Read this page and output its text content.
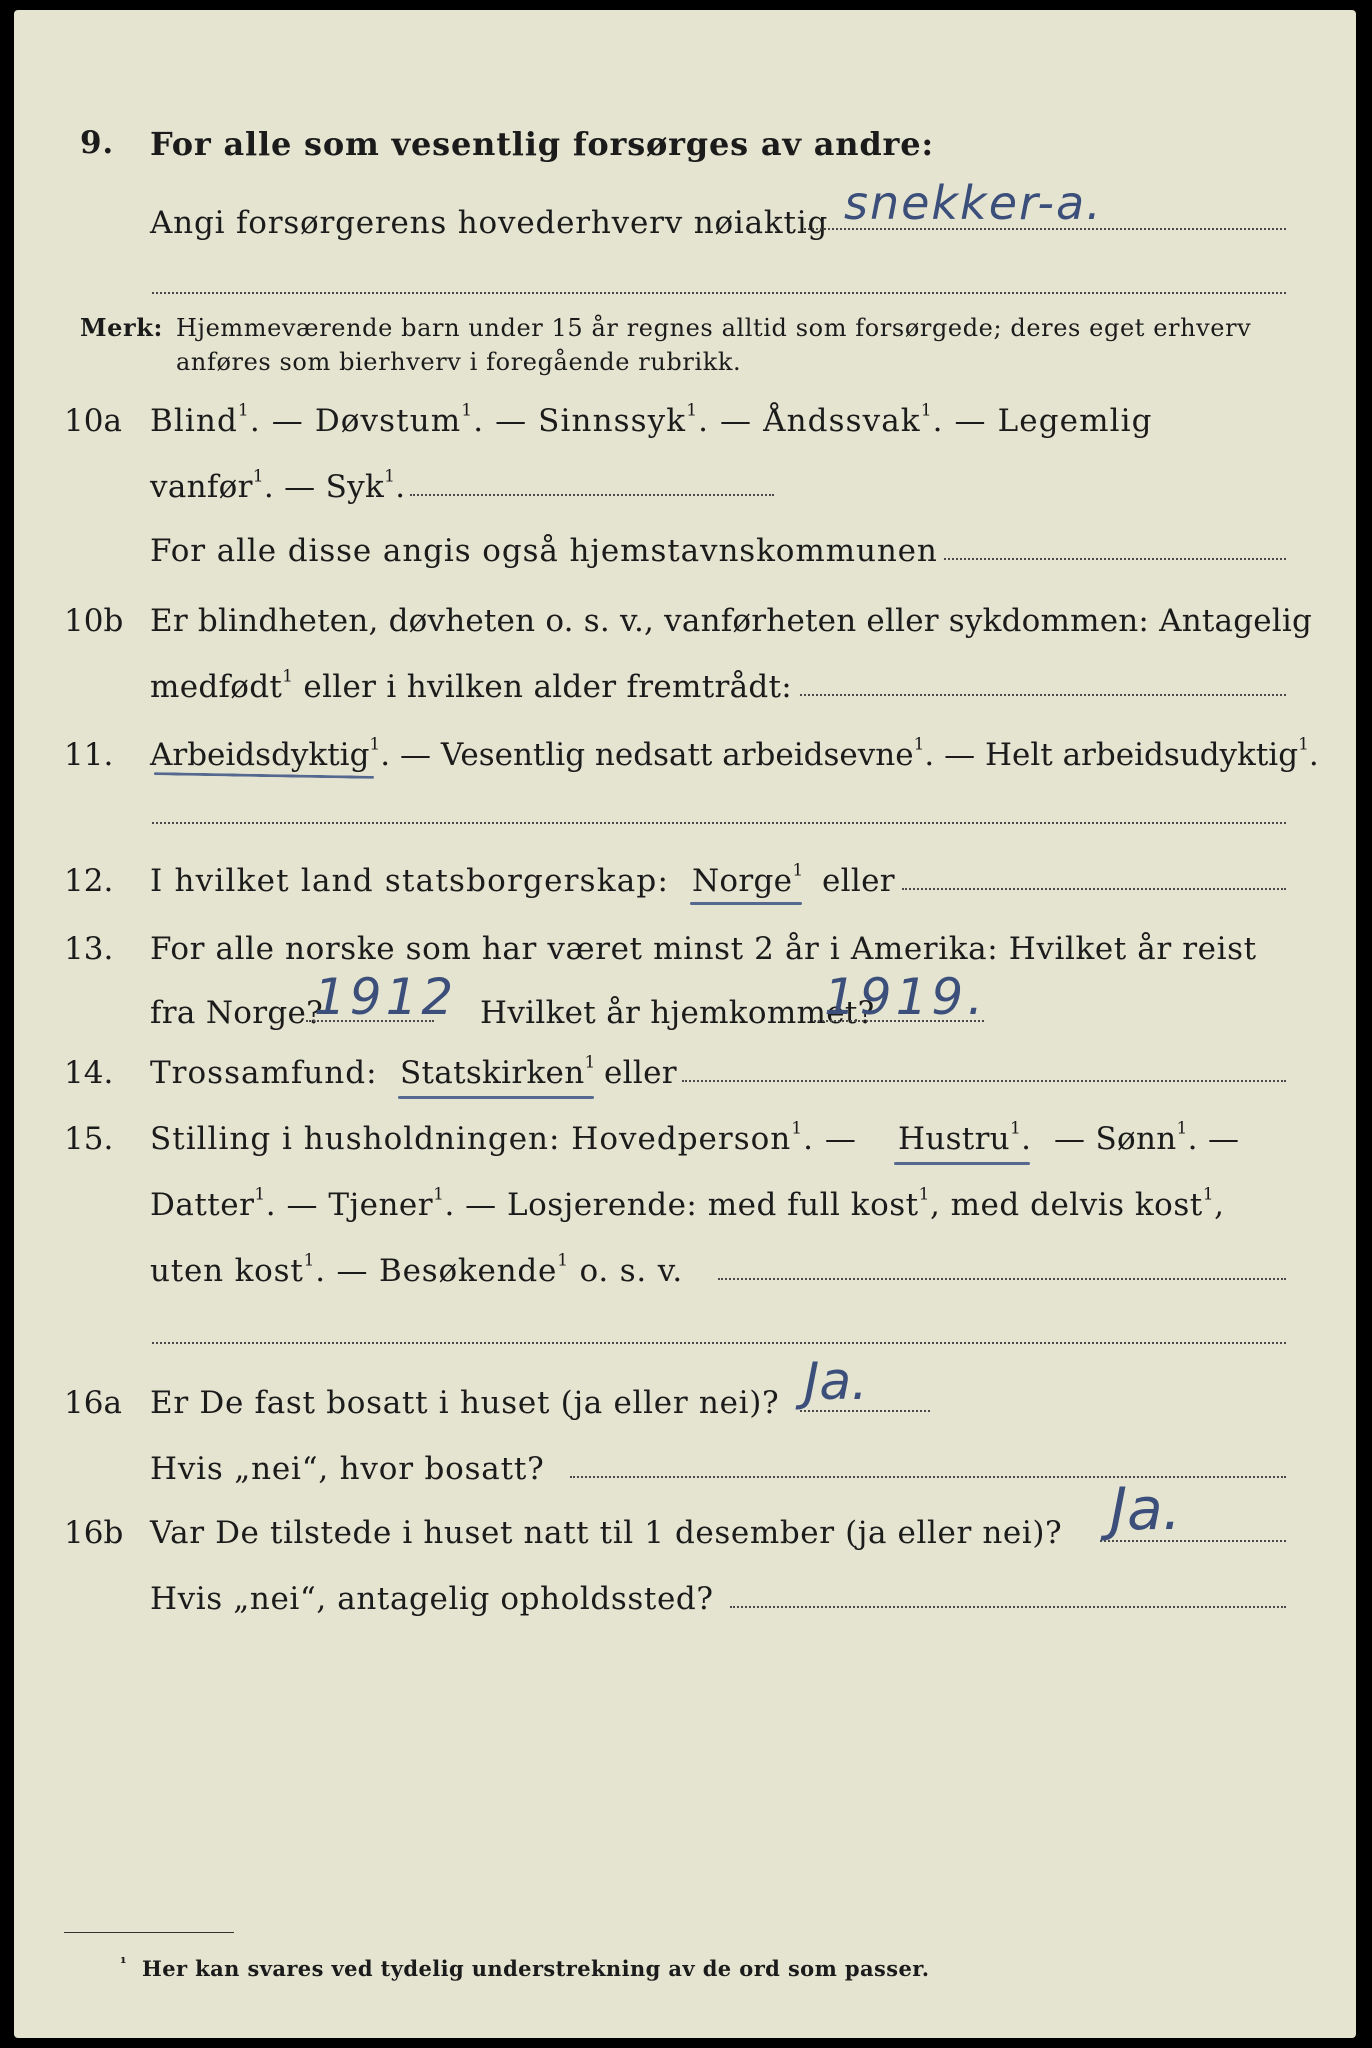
9. For alle som vesentlig forsørges av andre:
Angi forsørgerens hovederhverv nøiaktig snekker-a.
Merk: Hjemmeværende barn under 15 år regnes alltid som forsørgede; deres eget erhverv
anføres som bierhverv i foregående rubrikk.
10a Blind$^1$. — Døvstum$^1$. — Sinnssyk$^1$. — Åndssvak$^1$. — Legemlig
vanfør$^1$. — Syk$^1$.
For alle disse angis også hjemstavnskommunen
10b Er blindheten, døvheten o. s. v., vanførheten eller sykdommen: Antagelig
medfødt$^1$ eller i hvilken alder fremtrådt:
11. Arbeidsdyktig$^1$. — Vesentlig nedsatt arbeidsevne$^1$. — Helt arbeidsudyktig$^1$.
12. I hvilket land statsborgerskap: Norge$^1$ eller
13. For alle norske som har været minst 2 år i Amerika: Hvilket år reist
fra Norge?
1912 Hvilket år hjemkommet?
1919.
14. Trossamfund: Statskirken$^1$ eller
15. Stilling i husholdningen: Hovedperson$^1$. — Hustru$^1$. — Sønn$^1$. —
Datter$^1$. — Tjener$^1$. — Losjerende: med full kost$^1$, med delvis kost$^1$,
uten kost$^1$. — Besøkende$^1$ o. s. v.
16a Er De fast bosatt i huset (ja eller nei)? Ja.
Hvis „nei“, hvor bosatt?
16b Var De tilstede i huset natt til 1 desember (ja eller nei)? Ja.
Hvis „nei“, antagelig opholdssted?
¹ Her kan svares ved tydelig understrekning av de ord som passer.
